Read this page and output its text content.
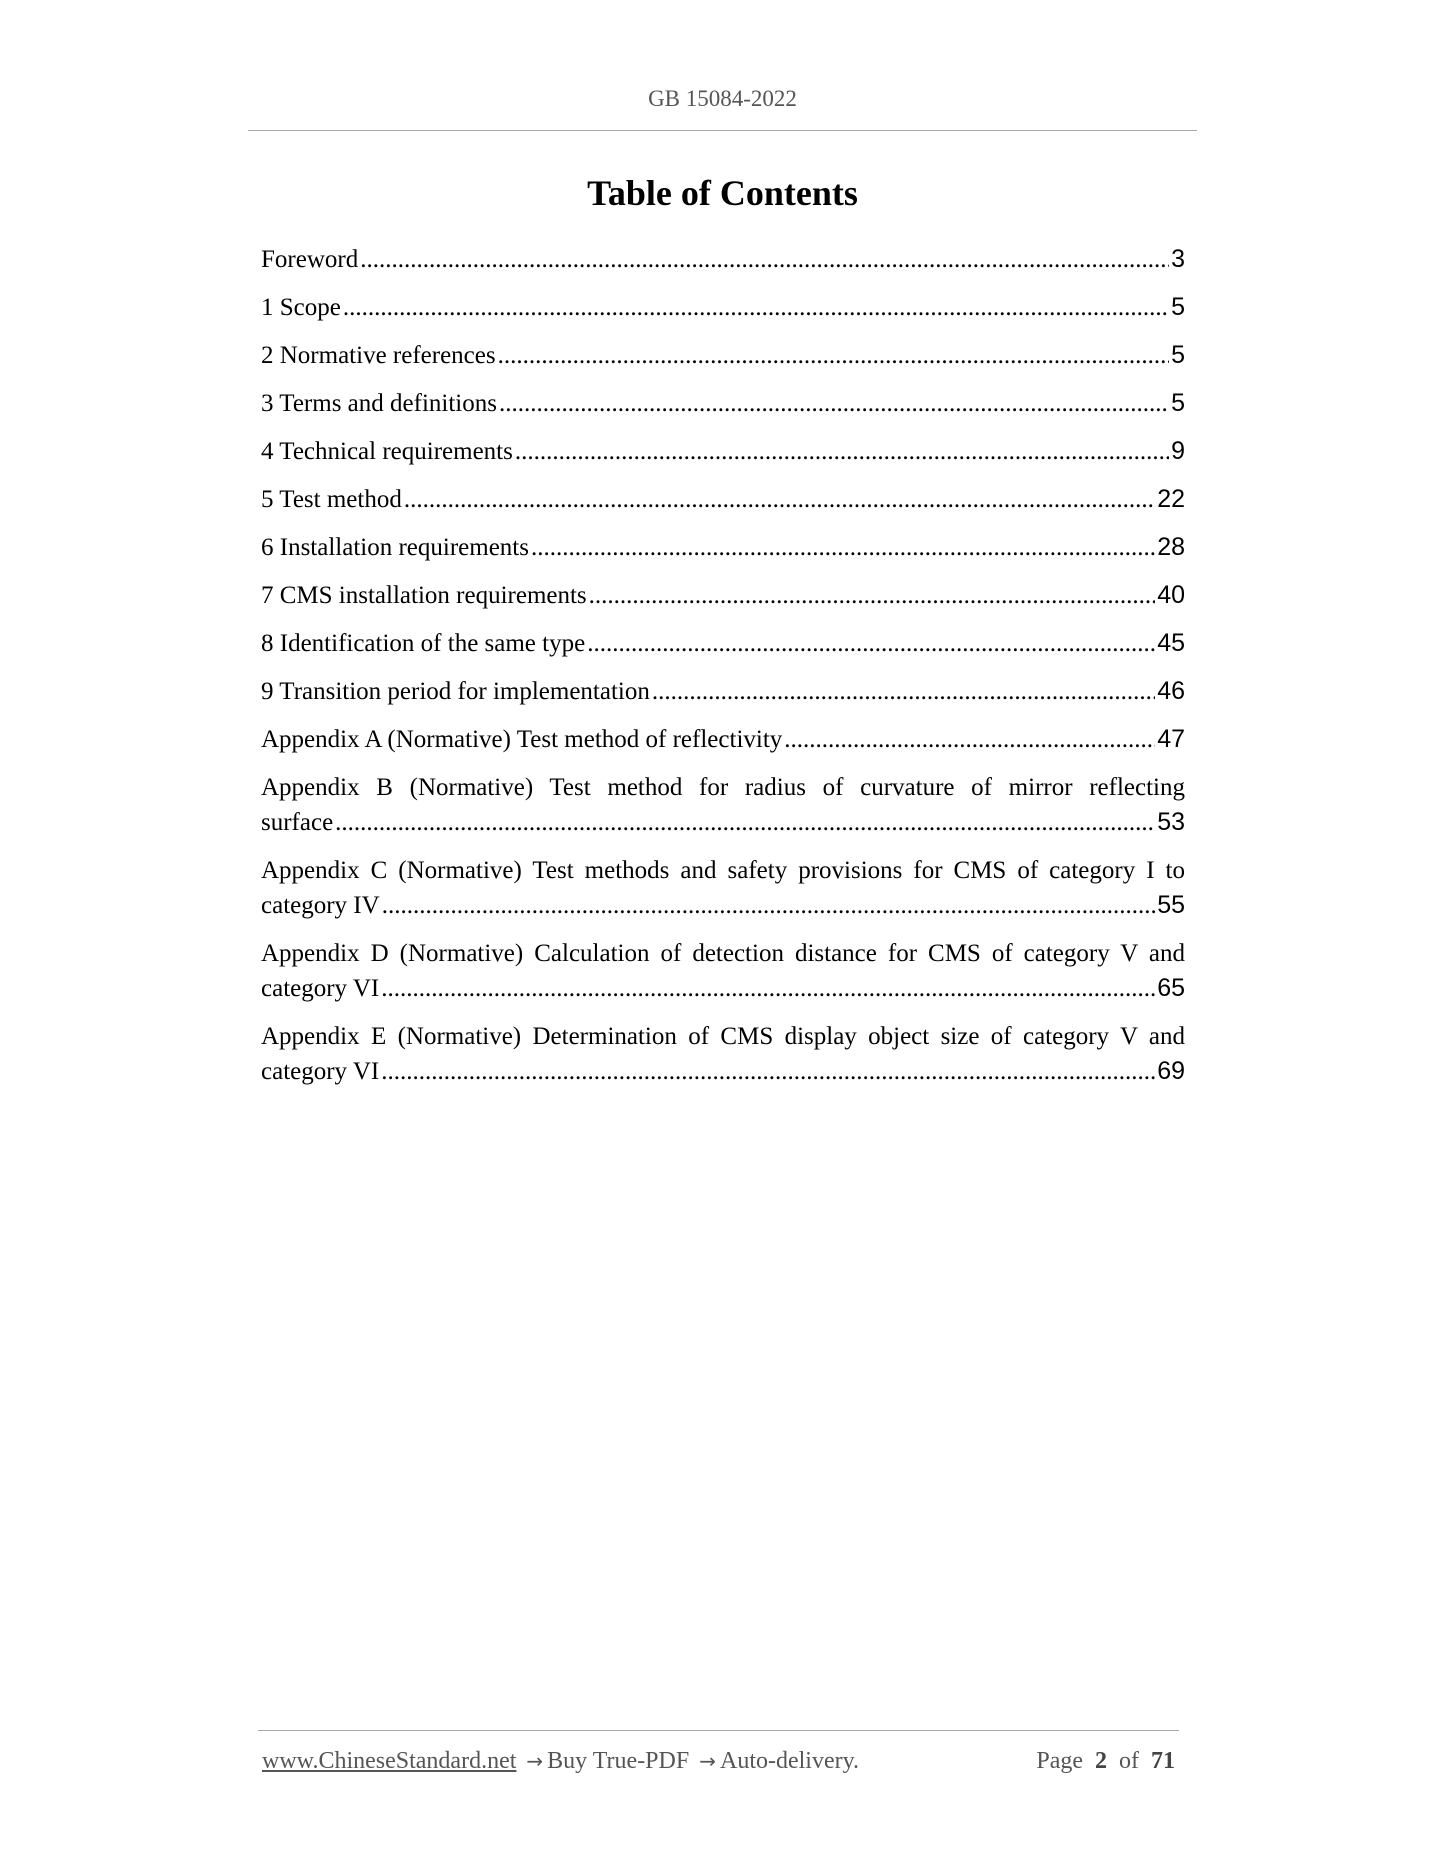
GB 15084-2022
Table of Contents
Foreword .....	3
1 Scope .....	5
2 Normative references .....	5
3 Terms and definitions .....	5
4 Technical requirements .....	9
5 Test method .....	22
6 Installation requirements .....	28
7 CMS installation requirements .....	40
8 Identification of the same type .....	45
9 Transition period for implementation .....	46
Appendix A (Normative) Test method of reflectivity .....	47
Appendix B (Normative) Test method for radius of curvature of mirror reflecting
surface .....	53
Appendix C (Normative) Test methods and safety provisions for CMS of category I to
category IV .....	55
Appendix D (Normative) Calculation of detection distance for CMS of category V and
category VI .....	65
Appendix E (Normative) Determination of CMS display object size of category V and
category VI .....	69
www.ChineseStandard.net → Buy True-PDF → Auto-delivery.	Page 2 of 71
